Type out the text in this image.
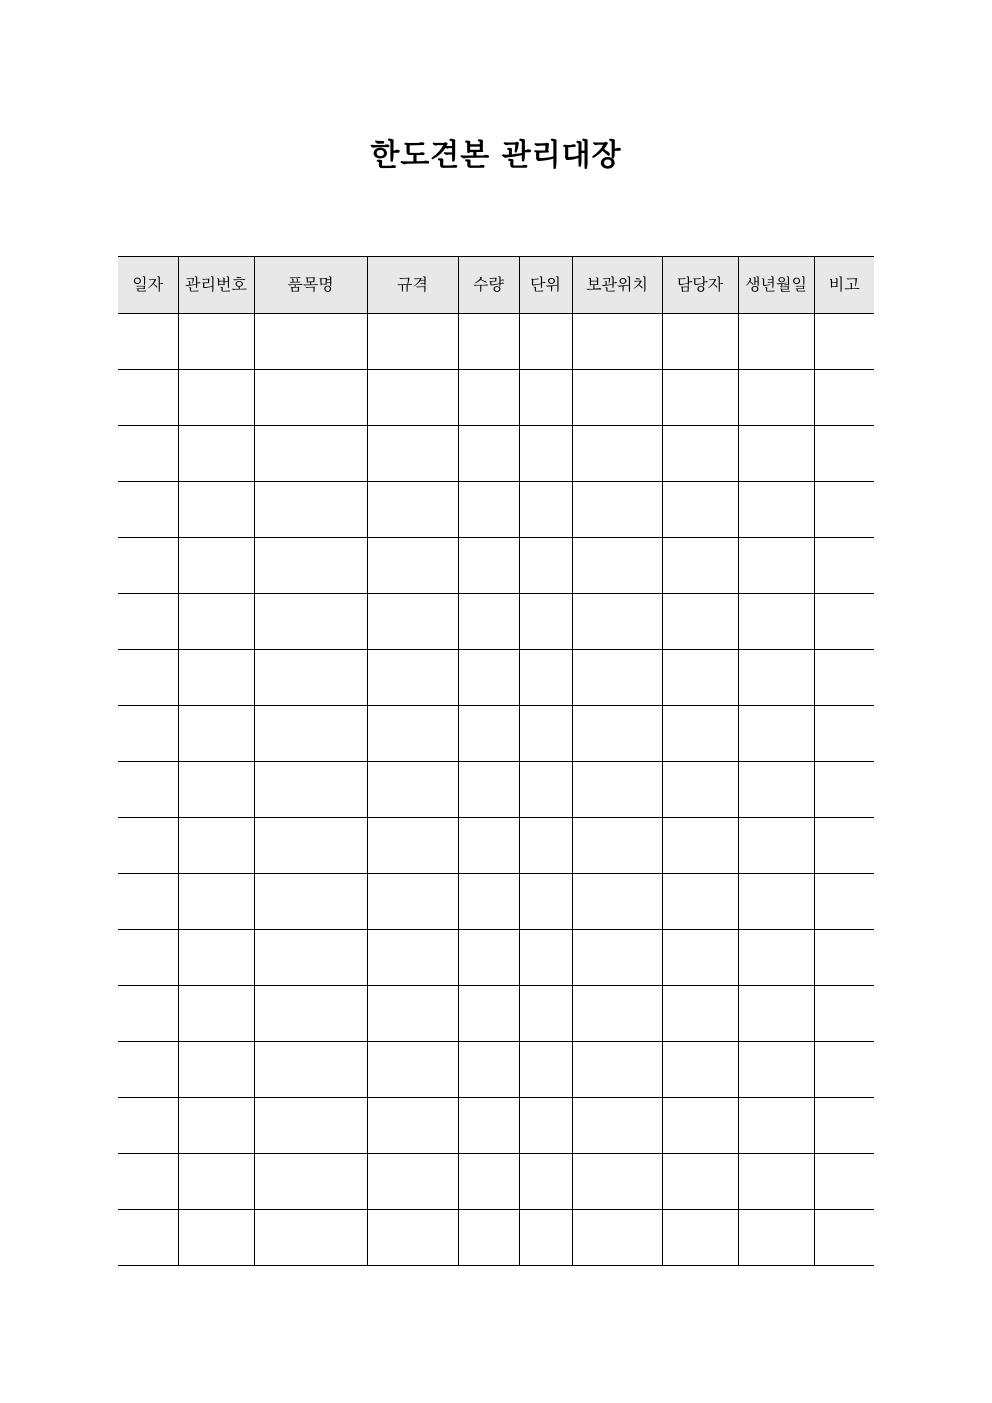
한도견본 관리대장
일자	관리번호	품목명	규격	수량	단위	보관위치	담당자	생년월일	비고
